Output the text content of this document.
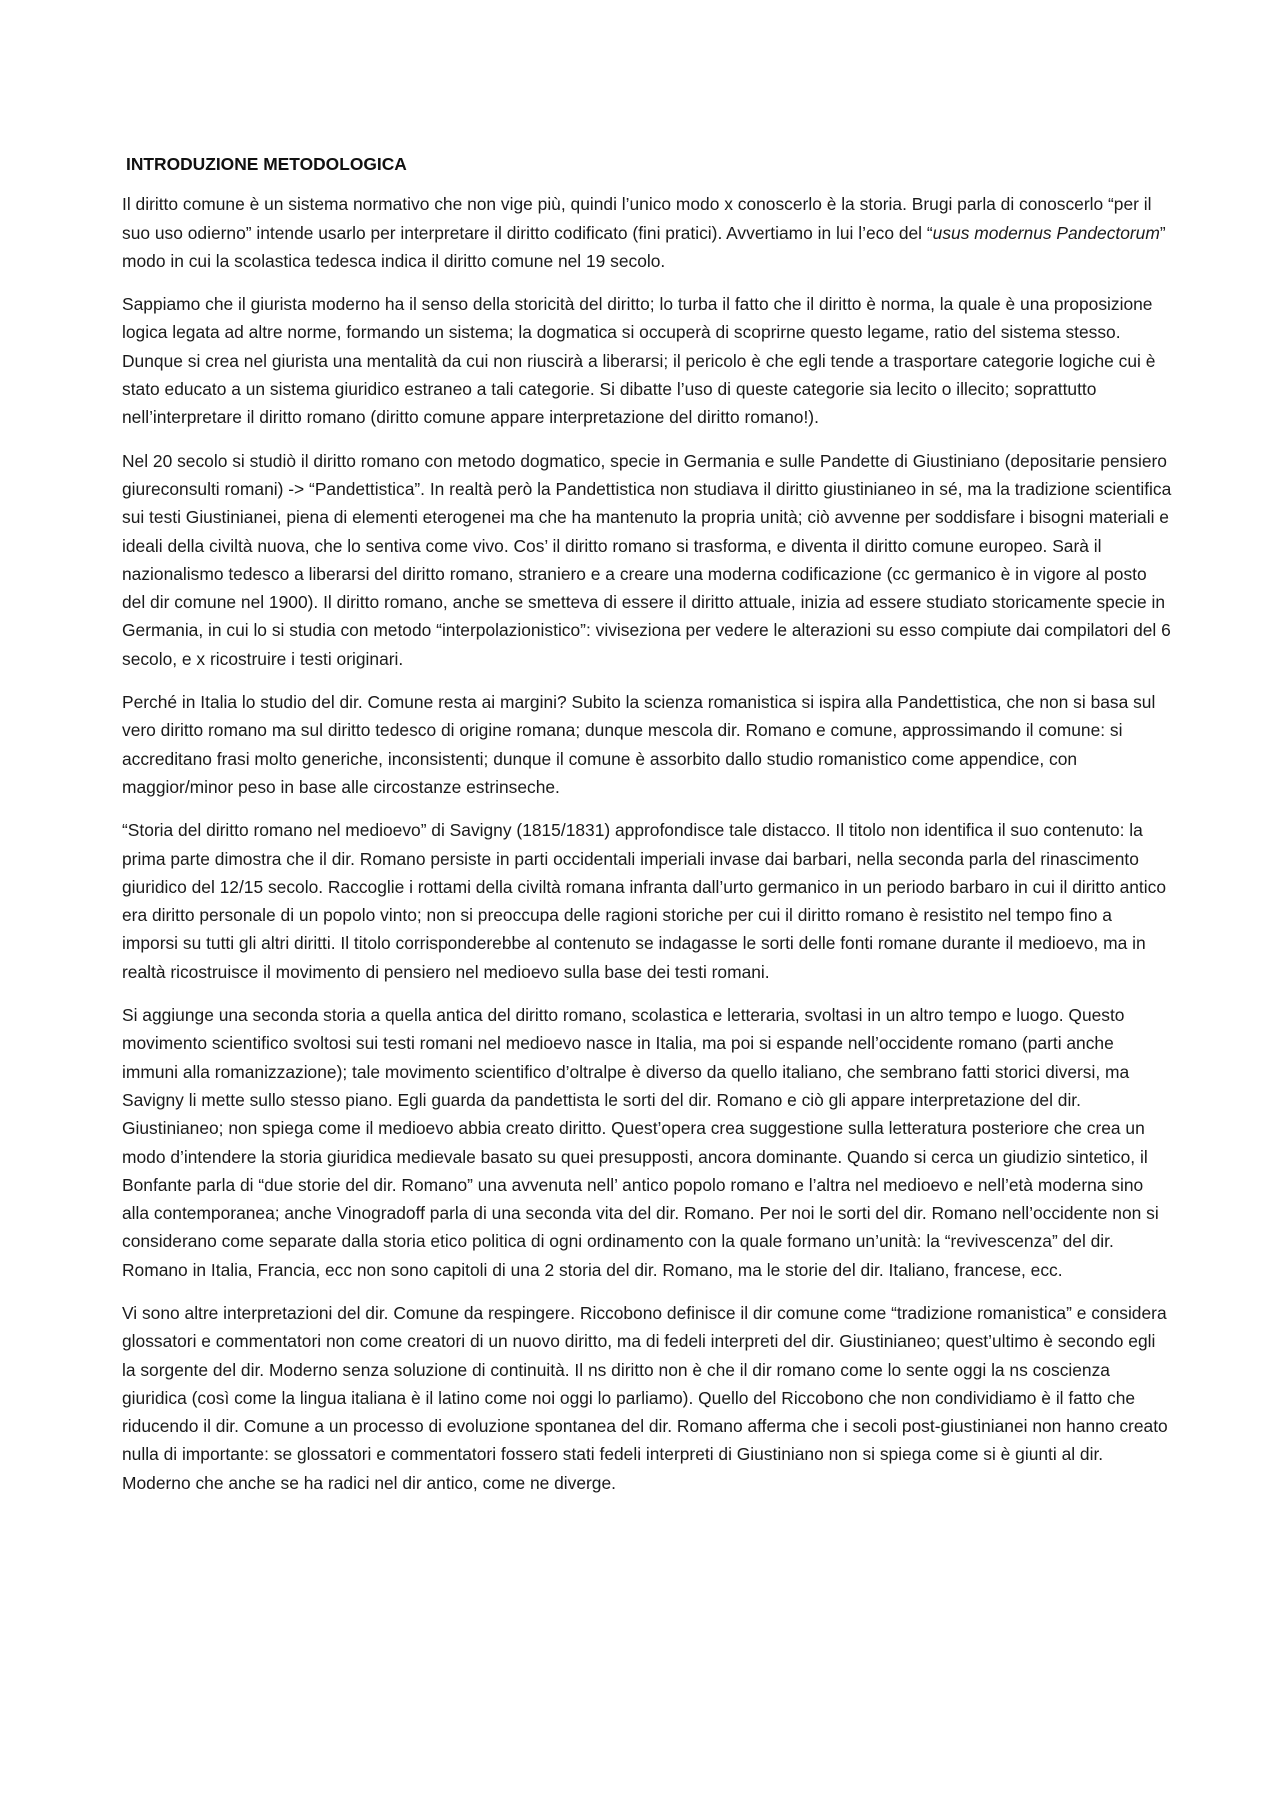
INTRODUZIONE METODOLOGICA

Il diritto comune è un sistema normativo che non vige più, quindi l’unico modo x conoscerlo è la storia. Brugi parla di conoscerlo “per il suo uso odierno” intende usarlo per interpretare il diritto codificato (fini pratici). Avvertiamo in lui l’eco del “usus modernus Pandectorum” modo in cui la scolastica tedesca indica il diritto comune nel 19 secolo.

Sappiamo che il giurista moderno ha il senso della storicità del diritto; lo turba il fatto che il diritto è norma, la quale è una proposizione logica legata ad altre norme, formando un sistema; la dogmatica si occuperà di scoprirne questo legame, ratio del sistema stesso. Dunque si crea nel giurista una mentalità da cui non riuscirà a liberarsi; il pericolo è che egli tende a trasportare categorie logiche cui è stato educato a un sistema giuridico estraneo a tali categorie. Si dibatte l’uso di queste categorie sia lecito o illecito; soprattutto nell’interpretare il diritto romano (diritto comune appare interpretazione del diritto romano!).

Nel 20 secolo si studiò il diritto romano con metodo dogmatico, specie in Germania e sulle Pandette di Giustiniano (depositarie pensiero giureconsulti romani) -> “Pandettistica”. In realtà però la Pandettistica non studiava il diritto giustinianeo in sé, ma la tradizione scientifica sui testi Giustinianei, piena di elementi eterogenei ma che ha mantenuto la propria unità; ciò avvenne per soddisfare i bisogni materiali e ideali della civiltà nuova, che lo sentiva come vivo. Cos’ il diritto romano si trasforma, e diventa il diritto comune europeo. Sarà il nazionalismo tedesco a liberarsi del diritto romano, straniero e a creare una moderna codificazione (cc germanico è in vigore al posto del dir comune nel 1900). Il diritto romano, anche se smetteva di essere il diritto attuale, inizia ad essere studiato storicamente specie in Germania, in cui lo si studia con metodo “interpolazionistico”: viviseziona per vedere le alterazioni su esso compiute dai compilatori del 6 secolo, e x ricostruire i testi originari.

Perché in Italia lo studio del dir. Comune resta ai margini? Subito la scienza romanistica si ispira alla Pandettistica, che non si basa sul vero diritto romano ma sul diritto tedesco di origine romana; dunque mescola dir. Romano e comune, approssimando il comune: si accreditano frasi molto generiche, inconsistenti; dunque il comune è assorbito dallo studio romanistico come appendice, con maggior/minor peso in base alle circostanze estrinseche.

“Storia del diritto romano nel medioevo” di Savigny (1815/1831) approfondisce tale distacco. Il titolo non identifica il suo contenuto: la prima parte dimostra che il dir. Romano persiste in parti occidentali imperiali invase dai barbari, nella seconda parla del rinascimento giuridico del 12/15 secolo. Raccoglie i rottami della civiltà romana infranta dall’urto germanico in un periodo barbaro in cui il diritto antico era diritto personale di un popolo vinto; non si preoccupa delle ragioni storiche per cui il diritto romano è resistito nel tempo fino a imporsi su tutti gli altri diritti. Il titolo corrisponderebbe al contenuto se indagasse le sorti delle fonti romane durante il medioevo, ma in realtà ricostruisce il movimento di pensiero nel medioevo sulla base dei testi romani.

Si aggiunge una seconda storia a quella antica del diritto romano, scolastica e letteraria, svoltasi in un altro tempo e luogo. Questo movimento scientifico svoltosi sui testi romani nel medioevo nasce in Italia, ma poi si espande nell’occidente romano (parti anche immuni alla romanizzazione); tale movimento scientifico d’oltralpe è diverso da quello italiano, che sembrano fatti storici diversi, ma Savigny li mette sullo stesso piano. Egli guarda da pandettista le sorti del dir. Romano e ciò gli appare interpretazione del dir. Giustinianeo; non spiega come il medioevo abbia creato diritto. Quest’opera crea suggestione sulla letteratura posteriore che crea un modo d’intendere la storia giuridica medievale basato su quei presupposti, ancora dominante. Quando si cerca un giudizio sintetico, il Bonfante parla di “due storie del dir. Romano” una avvenuta nell’ antico popolo romano e l’altra nel medioevo e nell’età moderna sino alla contemporanea; anche Vinogradoff parla di una seconda vita del dir. Romano. Per noi le sorti del dir. Romano nell’occidente non si considerano come separate dalla storia etico politica di ogni ordinamento con la quale formano un’unità: la “revivescenza” del dir. Romano in Italia, Francia, ecc non sono capitoli di una 2 storia del dir. Romano, ma le storie del dir. Italiano, francese, ecc.

Vi sono altre interpretazioni del dir. Comune da respingere. Riccobono definisce il dir comune come “tradizione romanistica” e considera glossatori e commentatori non come creatori di un nuovo diritto, ma di fedeli interpreti del dir. Giustinianeo; quest’ultimo è secondo egli la sorgente del dir. Moderno senza soluzione di continuità. Il ns diritto non è che il dir romano come lo sente oggi la ns coscienza giuridica (così come la lingua italiana è il latino come noi oggi lo parliamo). Quello del Riccobono che non condividiamo è il fatto che riducendo il dir. Comune a un processo di evoluzione spontanea del dir. Romano afferma che i secoli post-giustinianei non hanno creato nulla di importante: se glossatori e commentatori fossero stati fedeli interpreti di Giustiniano non si spiega come si è giunti al dir. Moderno che anche se ha radici nel dir antico, come ne diverge.
